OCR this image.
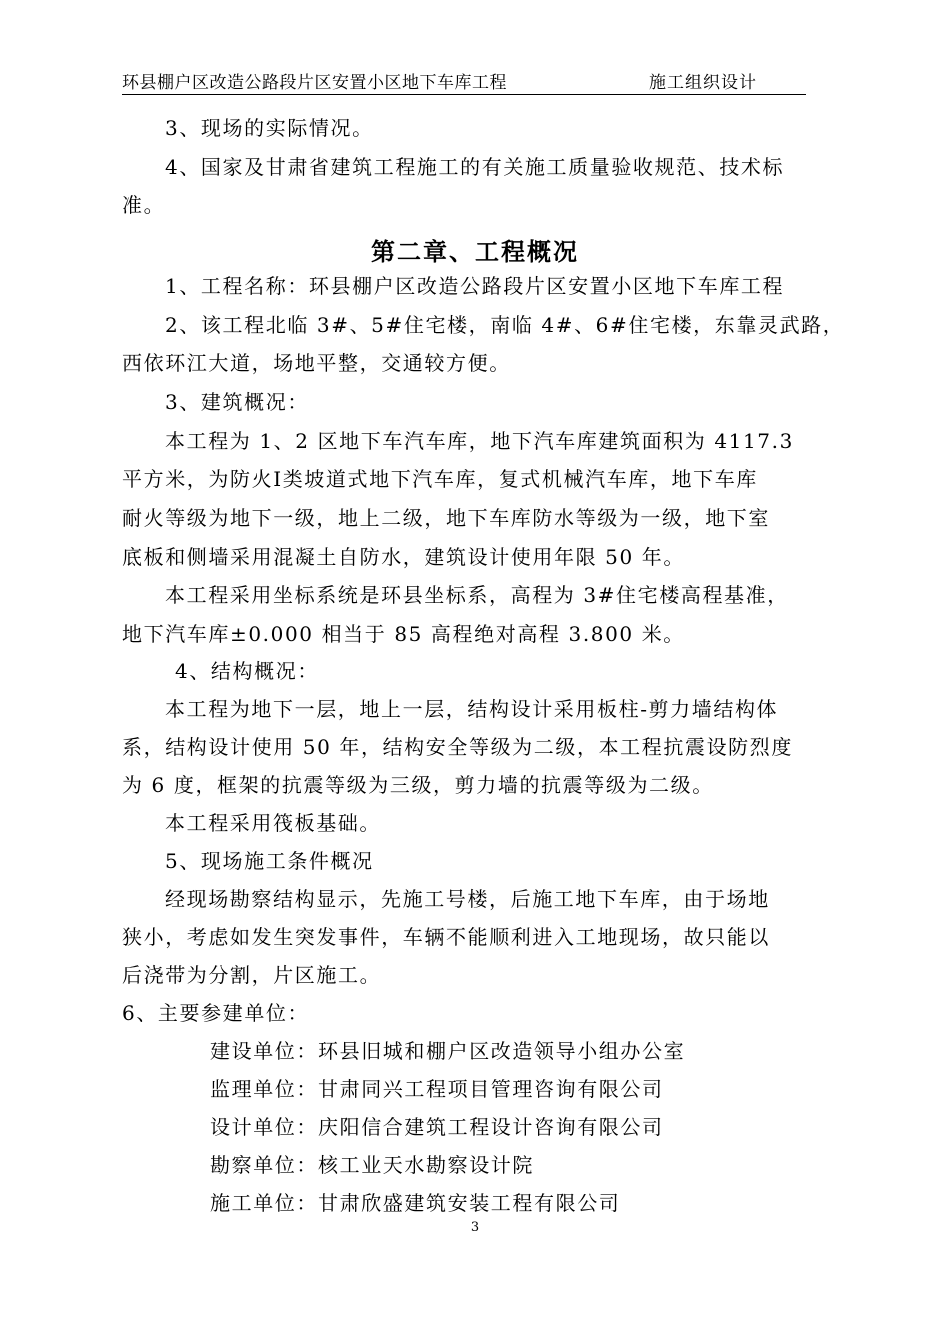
环县棚户区改造公路段片区安置小区地下车库工程	施工组织设计
3、现场的实际情况。
4、国家及甘肃省建筑工程施工的有关施工质量验收规范、技术标
准。
第二章、工程概况
1、工程名称：环县棚户区改造公路段片区安置小区地下车库工程
2、该工程北临 3#、5#住宅楼，南临 4#、6#住宅楼，东靠灵武路，
西依环江大道，场地平整，交通较方便。
3、建筑概况：
本工程为 1、2 区地下车汽车库，地下汽车库建筑面积为 4117.3
平方米，为防火Ⅰ类坡道式地下汽车库，复式机械汽车库，地下车库
耐火等级为地下一级，地上二级，地下车库防水等级为一级，地下室
底板和侧墙采用混凝土自防水，建筑设计使用年限 50 年。
本工程采用坐标系统是环县坐标系，高程为 3#住宅楼高程基准，
地下汽车库±0.000 相当于 85 高程绝对高程 3.800 米。
4、结构概况：
本工程为地下一层，地上一层，结构设计采用板柱-剪力墙结构体
系，结构设计使用 50 年，结构安全等级为二级，本工程抗震设防烈度
为 6 度，框架的抗震等级为三级，剪力墙的抗震等级为二级。
本工程采用筏板基础。
5、现场施工条件概况
经现场勘察结构显示，先施工号楼，后施工地下车库，由于场地
狭小，考虑如发生突发事件，车辆不能顺利进入工地现场，故只能以
后浇带为分割，片区施工。
6、主要参建单位：
建设单位：环县旧城和棚户区改造领导小组办公室
监理单位：甘肃同兴工程项目管理咨询有限公司
设计单位：庆阳信合建筑工程设计咨询有限公司
勘察单位：核工业天水勘察设计院
施工单位：甘肃欣盛建筑安装工程有限公司
3
